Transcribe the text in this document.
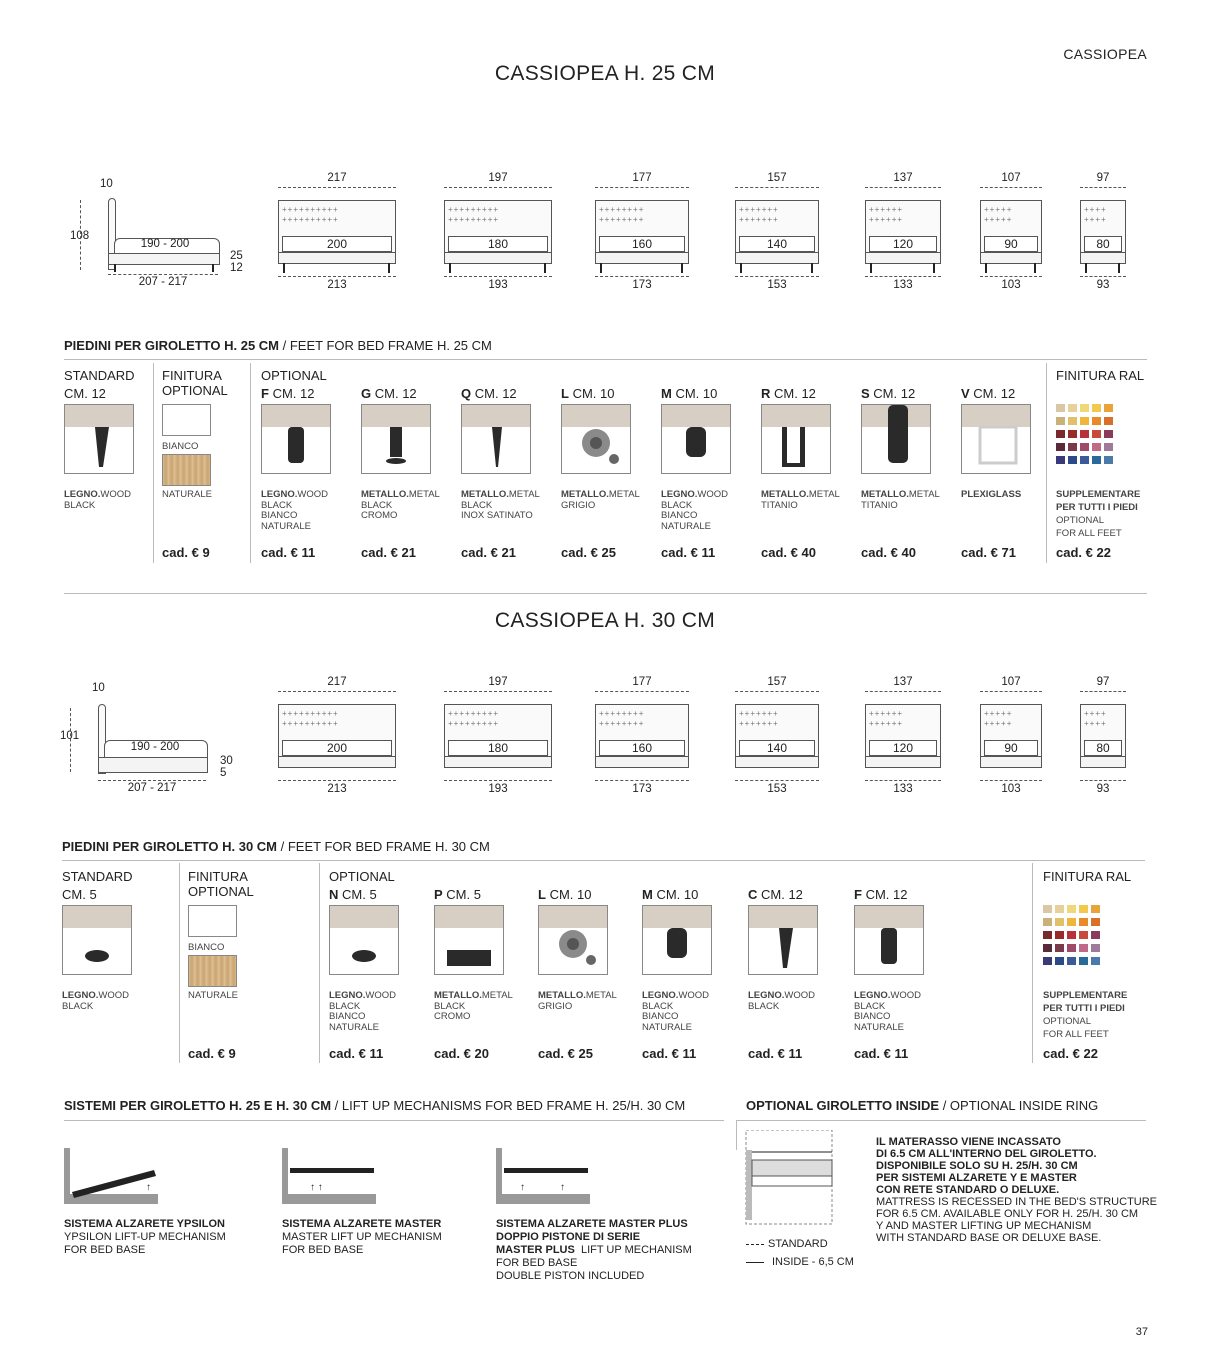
CASSIOPEA
CASSIOPEA H. 25 CM
108
10
190 - 200
25
12
207 - 217
217
++++++++++
++++++++++
200
213
197
+++++++++
+++++++++
180
193
177
++++++++
++++++++
160
173
157
+++++++
+++++++
140
153
137
++++++
++++++
120
133
107
+++++
+++++
90
103
97
++++
++++
80
93
PIEDINI PER GIROLETTO H. 25 CM / FEET FOR BED FRAME H. 25 CM
STANDARD
CM. 12
LEGNO.WOOD
BLACK
FINITURA
OPTIONAL
BIANCO
NATURALE
cad. € 9
OPTIONAL
F CM. 12
LEGNO.WOOD
BLACK
BIANCO
NATURALE
cad. € 11
G CM. 12
METALLO.METAL
BLACK
CROMO
cad. € 21
Q CM. 12
METALLO.METAL
BLACK
INOX SATINATO
cad. € 21
L CM. 10
METALLO.METAL
GRIGIO
cad. € 25
M CM. 10
LEGNO.WOOD
BLACK
BIANCO
NATURALE
cad. € 11
R CM. 12
METALLO.METAL
TITANIO
cad. € 40
S CM. 12
METALLO.METAL
TITANIO
cad. € 40
V CM. 12
PLEXIGLASS
cad. € 71
FINITURA RAL
SUPPLEMENTARE
PER TUTTI I PIEDI
OPTIONAL
FOR ALL FEET
cad. € 22
CASSIOPEA H. 30 CM
101
10
190 - 200
30
5
207 - 217
217
++++++++++
++++++++++
200
213
197
+++++++++
+++++++++
180
193
177
++++++++
++++++++
160
173
157
+++++++
+++++++
140
153
137
++++++
++++++
120
133
107
+++++
+++++
90
103
97
++++
++++
80
93
PIEDINI PER GIROLETTO H. 30 CM / FEET FOR BED FRAME H. 30 CM
STANDARD
CM. 5
LEGNO.WOOD
BLACK
FINITURA
OPTIONAL
BIANCO
NATURALE
cad. € 9
OPTIONAL
N CM. 5
LEGNO.WOOD
BLACK
BIANCO
NATURALE
cad. € 11
P CM. 5
METALLO.METAL
BLACK
CROMO
cad. € 20
L CM. 10
METALLO.METAL
GRIGIO
cad. € 25
M CM. 10
LEGNO.WOOD
BLACK
BIANCO
NATURALE
cad. € 11
C CM. 12
LEGNO.WOOD
BLACK
cad. € 11
F CM. 12
LEGNO.WOOD
BLACK
BIANCO
NATURALE
cad. € 11
FINITURA RAL
SUPPLEMENTARE
PER TUTTI I PIEDI
OPTIONAL
FOR ALL FEET
cad. € 22
SISTEMI PER GIROLETTO H. 25 E H. 30 CM / LIFT UP MECHANISMS FOR BED FRAME H. 25/H. 30 CM
↑
SISTEMA ALZARETE YPSILON
YPSILON LIFT-UP MECHANISM
FOR BED BASE
↑ ↑
SISTEMA ALZARETE MASTER
MASTER LIFT UP MECHANISM
FOR BED BASE
↑	↑
SISTEMA ALZARETE MASTER PLUS
DOPPIO PISTONE DI SERIE
MASTER PLUS  LIFT UP MECHANISM
FOR BED BASE
DOUBLE PISTON INCLUDED
OPTIONAL GIROLETTO INSIDE / OPTIONAL INSIDE RING
STANDARD
INSIDE - 6,5 CM
IL MATERASSO VIENE INCASSATO
DI 6.5 CM ALL'INTERNO DEL GIROLETTO.
DISPONIBILE SOLO SU H. 25/H. 30 CM
PER SISTEMI ALZARETE Y E MASTER
CON RETE STANDARD O DELUXE.
MATTRESS IS RECESSED IN THE BED'S STRUCTURE
FOR 6.5 CM. AVAILABLE ONLY FOR H. 25/H. 30 CM
Y AND MASTER LIFTING UP MECHANISM
WITH STANDARD BASE OR DELUXE BASE.
37
